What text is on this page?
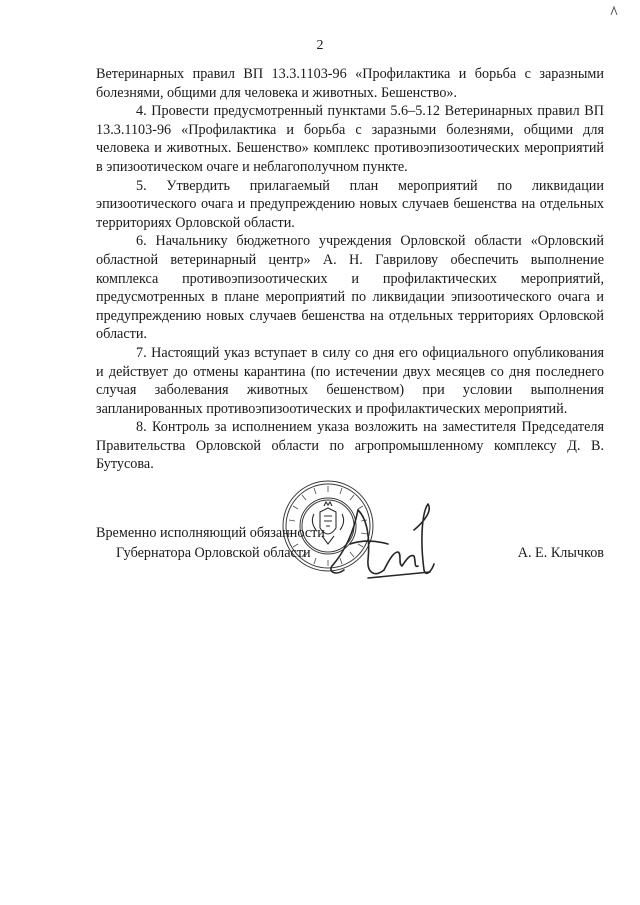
2

Ветеринарных правил ВП 13.3.1103-96 «Профилактика и борьба с заразными болезнями, общими для человека и животных. Бешенство».

4. Провести предусмотренный пунктами 5.6–5.12 Ветеринарных правил ВП 13.3.1103-96 «Профилактика и борьба с заразными болезнями, общими для человека и животных. Бешенство» комплекс противоэпизоотических мероприятий в эпизоотическом очаге и неблагополучном пункте.

5. Утвердить прилагаемый план мероприятий по ликвидации эпизоотического очага и предупреждению новых случаев бешенства на отдельных территориях Орловской области.

6. Начальнику бюджетного учреждения Орловской области «Орловский областной ветеринарный центр» А. Н. Гаврилову обеспечить выполнение комплекса противоэпизоотических и профилактических мероприятий, предусмотренных в плане мероприятий по ликвидации эпизоотического очага и предупреждению новых случаев бешенства на отдельных территориях Орловской области.

7. Настоящий указ вступает в силу со дня его официального опубликования и действует до отмены карантина (по истечении двух месяцев со дня последнего случая заболевания животных бешенством) при условии выполнения запланированных противоэпизоотических и профилактических мероприятий.

8. Контроль за исполнением указа возложить на заместителя Председателя Правительства Орловской области по агропромышленному комплексу Д. В. Бутусова.

Временно исполняющий обязанности
Губернатора Орловской области	А. Е. Клычков
